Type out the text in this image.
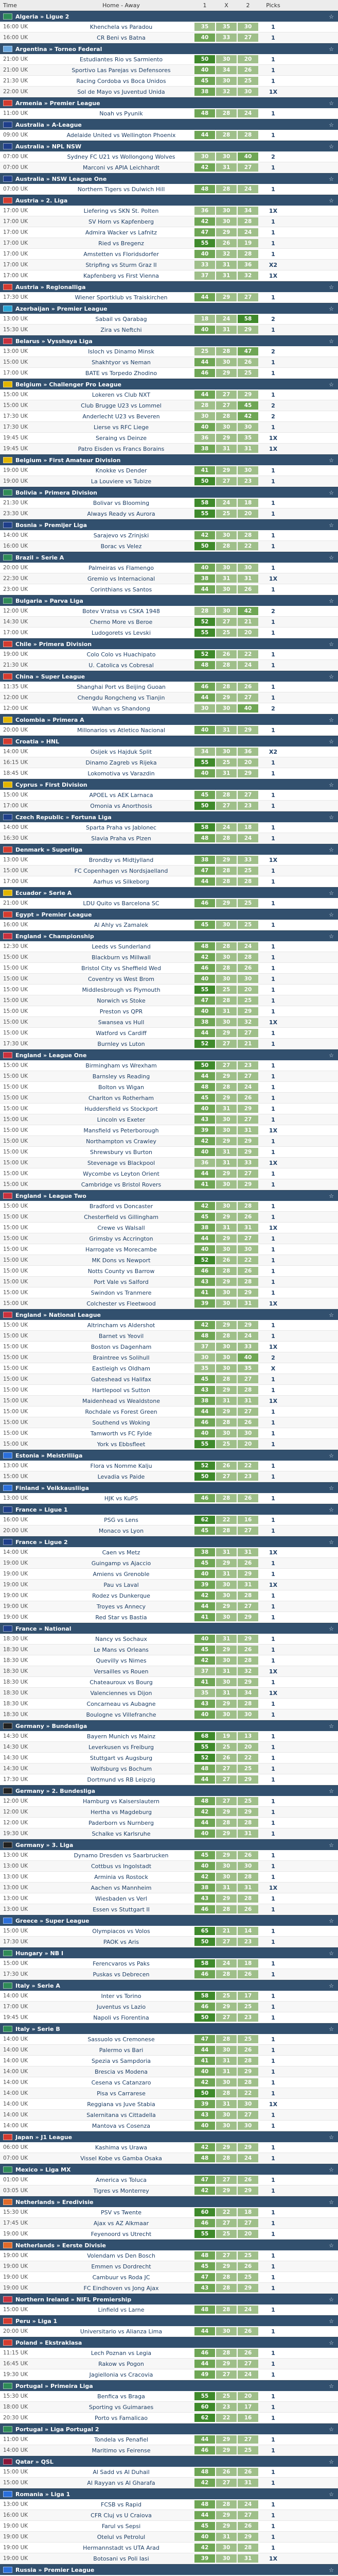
Time	Home - Away	1	X	2	Picks
Algeria » Ligue 2	☆
16:00 UK	Khenchela vs Paradou	35	35	30	1
16:00 UK	CR Beni vs Batna	40	33	27	1
Argentina » Torneo Federal	☆
21:00 UK	Estudiantes Rio vs Sarmiento	50	30	20	1
21:00 UK	Sportivo Las Parejas vs Defensores	40	34	26	1
21:30 UK	Racing Cordoba vs Boca Unidos	45	30	25	1
22:00 UK	Sol de Mayo vs Juventud Unida	38	32	30	1X
Armenia » Premier League	☆
11:00 UK	Noah vs Pyunik	48	28	24	1
Australia » A-League	☆
09:00 UK	Adelaide United vs Wellington Phoenix	44	28	28	1
Australia » NPL NSW	☆
07:00 UK	Sydney FC U21 vs Wollongong Wolves	30	30	40	2
07:00 UK	Marconi vs APIA Leichhardt	42	31	27	1
Australia » NSW League One	☆
07:00 UK	Northern Tigers vs Dulwich Hill	48	28	24	1
Austria » 2. Liga	☆
17:00 UK	Liefering vs SKN St. Polten	36	30	34	1X
17:00 UK	SV Horn vs Kapfenberg	42	30	28	1
17:00 UK	Admira Wacker vs Lafnitz	47	29	24	1
17:00 UK	Ried vs Bregenz	55	26	19	1
17:00 UK	Amstetten vs Floridsdorfer	40	32	28	1
17:00 UK	Stripfing vs Sturm Graz II	33	31	36	X2
17:00 UK	Kapfenberg vs First Vienna	37	31	32	1X
Austria » Regionalliga	☆
17:30 UK	Wiener Sportklub vs Traiskirchen	44	29	27	1
Azerbaijan » Premier League	☆
13:00 UK	Sabail vs Qarabag	18	24	58	2
15:30 UK	Zira vs Neftchi	40	31	29	1
Belarus » Vysshaya Liga	☆
13:00 UK	Isloch vs Dinamo Minsk	25	28	47	2
15:00 UK	Shakhtyor vs Neman	44	30	26	1
17:00 UK	BATE vs Torpedo Zhodino	46	29	25	1
Belgium » Challenger Pro League	☆
15:00 UK	Lokeren vs Club NXT	44	27	29	1
15:00 UK	Club Brugge U23 vs Lommel	28	27	45	2
17:30 UK	Anderlecht U23 vs Beveren	30	28	42	2
17:30 UK	Lierse vs RFC Liege	40	30	30	1
19:45 UK	Seraing vs Deinze	36	29	35	1X
19:45 UK	Patro Eisden vs Francs Borains	38	31	31	1X
Belgium » First Amateur Division	☆
19:00 UK	Knokke vs Dender	41	29	30	1
19:00 UK	La Louviere vs Tubize	50	27	23	1
Bolivia » Primera Division	☆
21:30 UK	Bolivar vs Blooming	58	24	18	1
23:30 UK	Always Ready vs Aurora	55	25	20	1
Bosnia » Premijer Liga	☆
14:00 UK	Sarajevo vs Zrinjski	42	30	28	1
16:00 UK	Borac vs Velez	50	28	22	1
Brazil » Serie A	☆
20:00 UK	Palmeiras vs Flamengo	40	30	30	1
22:30 UK	Gremio vs Internacional	38	31	31	1X
23:00 UK	Corinthians vs Santos	44	30	26	1
Bulgaria » Parva Liga	☆
12:00 UK	Botev Vratsa vs CSKA 1948	28	30	42	2
14:30 UK	Cherno More vs Beroe	52	27	21	1
17:00 UK	Ludogorets vs Levski	55	25	20	1
Chile » Primera Division	☆
19:00 UK	Colo Colo vs Huachipato	52	26	22	1
21:30 UK	U. Catolica vs Cobresal	48	28	24	1
China » Super League	☆
11:35 UK	Shanghai Port vs Beijing Guoan	46	28	26	1
12:00 UK	Chengdu Rongcheng vs Tianjin	44	29	27	1
12:00 UK	Wuhan vs Shandong	30	30	40	2
Colombia » Primera A	☆
20:00 UK	Millonarios vs Atletico Nacional	40	31	29	1
Croatia » HNL	☆
14:00 UK	Osijek vs Hajduk Split	34	30	36	X2
16:15 UK	Dinamo Zagreb vs Rijeka	55	25	20	1
18:45 UK	Lokomotiva vs Varazdin	40	31	29	1
Cyprus » First Division	☆
15:00 UK	APOEL vs AEK Larnaca	45	28	27	1
17:00 UK	Omonia vs Anorthosis	50	27	23	1
Czech Republic » Fortuna Liga	☆
14:00 UK	Sparta Praha vs Jablonec	58	24	18	1
16:30 UK	Slavia Praha vs Plzen	48	28	24	1
Denmark » Superliga	☆
13:00 UK	Brondby vs Midtjylland	38	29	33	1X
15:00 UK	FC Copenhagen vs Nordsjaelland	47	28	25	1
17:00 UK	Aarhus vs Silkeborg	44	28	28	1
Ecuador » Serie A	☆
21:00 UK	LDU Quito vs Barcelona SC	46	29	25	1
Egypt » Premier League	☆
16:00 UK	Al Ahly vs Zamalek	45	30	25	1
England » Championship	☆
12:30 UK	Leeds vs Sunderland	48	28	24	1
15:00 UK	Blackburn vs Millwall	42	30	28	1
15:00 UK	Bristol City vs Sheffield Wed	46	28	26	1
15:00 UK	Coventry vs West Brom	40	30	30	1
15:00 UK	Middlesbrough vs Plymouth	55	25	20	1
15:00 UK	Norwich vs Stoke	47	28	25	1
15:00 UK	Preston vs QPR	40	31	29	1
15:00 UK	Swansea vs Hull	38	30	32	1X
15:00 UK	Watford vs Cardiff	44	29	27	1
17:30 UK	Burnley vs Luton	52	27	21	1
England » League One	☆
15:00 UK	Birmingham vs Wrexham	50	27	23	1
15:00 UK	Barnsley vs Reading	44	29	27	1
15:00 UK	Bolton vs Wigan	48	28	24	1
15:00 UK	Charlton vs Rotherham	45	29	26	1
15:00 UK	Huddersfield vs Stockport	40	31	29	1
15:00 UK	Lincoln vs Exeter	43	30	27	1
15:00 UK	Mansfield vs Peterborough	39	30	31	1X
15:00 UK	Northampton vs Crawley	42	29	29	1
15:00 UK	Shrewsbury vs Burton	40	31	29	1
15:00 UK	Stevenage vs Blackpool	36	31	33	1X
15:00 UK	Wycombe vs Leyton Orient	44	29	27	1
15:00 UK	Cambridge vs Bristol Rovers	41	30	29	1
England » League Two	☆
15:00 UK	Bradford vs Doncaster	42	30	28	1
15:00 UK	Chesterfield vs Gillingham	45	29	26	1
15:00 UK	Crewe vs Walsall	38	31	31	1X
15:00 UK	Grimsby vs Accrington	44	29	27	1
15:00 UK	Harrogate vs Morecambe	40	30	30	1
15:00 UK	MK Dons vs Newport	52	26	22	1
15:00 UK	Notts County vs Barrow	46	28	26	1
15:00 UK	Port Vale vs Salford	43	29	28	1
15:00 UK	Swindon vs Tranmere	41	30	29	1
15:00 UK	Colchester vs Fleetwood	39	30	31	1X
England » National League	☆
15:00 UK	Altrincham vs Aldershot	42	29	29	1
15:00 UK	Barnet vs Yeovil	48	28	24	1
15:00 UK	Boston vs Dagenham	37	30	33	1X
15:00 UK	Braintree vs Solihull	30	30	40	2
15:00 UK	Eastleigh vs Oldham	35	30	35	X
15:00 UK	Gateshead vs Halifax	45	28	27	1
15:00 UK	Hartlepool vs Sutton	43	29	28	1
15:00 UK	Maidenhead vs Wealdstone	38	31	31	1X
15:00 UK	Rochdale vs Forest Green	44	29	27	1
15:00 UK	Southend vs Woking	46	28	26	1
15:00 UK	Tamworth vs FC Fylde	40	30	30	1
15:00 UK	York vs Ebbsfleet	55	25	20	1
Estonia » Meistriliiga	☆
13:00 UK	Flora vs Nomme Kalju	52	26	22	1
15:00 UK	Levadia vs Paide	50	27	23	1
Finland » Veikkausliiga	☆
13:00 UK	HJK vs KuPS	46	28	26	1
France » Ligue 1	☆
16:00 UK	PSG vs Lens	62	22	16	1
20:00 UK	Monaco vs Lyon	45	28	27	1
France » Ligue 2	☆
14:00 UK	Caen vs Metz	38	31	31	1X
19:00 UK	Guingamp vs Ajaccio	45	29	26	1
19:00 UK	Amiens vs Grenoble	40	31	29	1
19:00 UK	Pau vs Laval	39	30	31	1X
19:00 UK	Rodez vs Dunkerque	42	30	28	1
19:00 UK	Troyes vs Annecy	44	29	27	1
19:00 UK	Red Star vs Bastia	41	30	29	1
France » National	☆
18:30 UK	Nancy vs Sochaux	40	31	29	1
18:30 UK	Le Mans vs Orleans	45	29	26	1
18:30 UK	Quevilly vs Nimes	42	30	28	1
18:30 UK	Versailles vs Rouen	37	31	32	1X
18:30 UK	Chateauroux vs Bourg	41	30	29	1
18:30 UK	Valenciennes vs Dijon	35	31	34	1X
18:30 UK	Concarneau vs Aubagne	43	29	28	1
18:30 UK	Boulogne vs Villefranche	40	30	30	1
Germany » Bundesliga	☆
14:30 UK	Bayern Munich vs Mainz	68	19	13	1
14:30 UK	Leverkusen vs Freiburg	55	25	20	1
14:30 UK	Stuttgart vs Augsburg	52	26	22	1
14:30 UK	Wolfsburg vs Bochum	48	27	25	1
17:30 UK	Dortmund vs RB Leipzig	44	27	29	1
Germany » 2. Bundesliga	☆
12:00 UK	Hamburg vs Kaiserslautern	48	27	25	1
12:00 UK	Hertha vs Magdeburg	42	29	29	1
12:00 UK	Paderborn vs Nurnberg	44	28	28	1
19:30 UK	Schalke vs Karlsruhe	40	29	31	1
Germany » 3. Liga	☆
13:00 UK	Dynamo Dresden vs Saarbrucken	45	29	26	1
13:00 UK	Cottbus vs Ingolstadt	40	30	30	1
13:00 UK	Arminia vs Rostock	42	30	28	1
13:00 UK	Aachen vs Mannheim	38	31	31	1X
13:00 UK	Wiesbaden vs Verl	43	29	28	1
13:00 UK	Essen vs Stuttgart II	46	28	26	1
Greece » Super League	☆
15:00 UK	Olympiacos vs Volos	65	21	14	1
17:30 UK	PAOK vs Aris	50	27	23	1
Hungary » NB I	☆
15:00 UK	Ferencvaros vs Paks	58	24	18	1
17:30 UK	Puskas vs Debrecen	46	28	26	1
Italy » Serie A	☆
14:00 UK	Inter vs Torino	58	25	17	1
17:00 UK	Juventus vs Lazio	46	29	25	1
19:45 UK	Napoli vs Fiorentina	50	27	23	1
Italy » Serie B	☆
14:00 UK	Sassuolo vs Cremonese	47	28	25	1
14:00 UK	Palermo vs Bari	44	30	26	1
14:00 UK	Spezia vs Sampdoria	41	31	28	1
14:00 UK	Brescia vs Modena	40	31	29	1
14:00 UK	Cesena vs Catanzaro	42	30	28	1
14:00 UK	Pisa vs Carrarese	50	28	22	1
14:00 UK	Reggiana vs Juve Stabia	39	31	30	1X
14:00 UK	Salernitana vs Cittadella	43	30	27	1
14:00 UK	Mantova vs Cosenza	40	30	30	1
Japan » J1 League	☆
06:00 UK	Kashima vs Urawa	42	29	29	1
07:00 UK	Vissel Kobe vs Gamba Osaka	48	28	24	1
Mexico » Liga MX	☆
01:00 UK	America vs Toluca	47	27	26	1
03:05 UK	Tigres vs Monterrey	42	29	29	1
Netherlands » Eredivisie	☆
15:30 UK	PSV vs Twente	60	22	18	1
17:45 UK	Ajax vs AZ Alkmaar	46	27	27	1
19:00 UK	Feyenoord vs Utrecht	55	25	20	1
Netherlands » Eerste Divisie	☆
19:00 UK	Volendam vs Den Bosch	48	27	25	1
19:00 UK	Emmen vs Dordrecht	45	29	26	1
19:00 UK	Cambuur vs Roda JC	47	28	25	1
19:00 UK	FC Eindhoven vs Jong Ajax	43	28	29	1
Northern Ireland » NIFL Premiership	☆
15:00 UK	Linfield vs Larne	48	28	24	1
Peru » Liga 1	☆
20:00 UK	Universitario vs Alianza Lima	44	30	26	1
Poland » Ekstraklasa	☆
11:15 UK	Lech Poznan vs Legia	46	28	26	1
16:45 UK	Rakow vs Pogon	44	29	27	1
19:30 UK	Jagiellonia vs Cracovia	49	27	24	1
Portugal » Primeira Liga	☆
15:30 UK	Benfica vs Braga	55	25	20	1
18:00 UK	Sporting vs Guimaraes	60	23	17	1
20:30 UK	Porto vs Famalicao	62	22	16	1
Portugal » Liga Portugal 2	☆
11:00 UK	Tondela vs Penafiel	44	29	27	1
14:00 UK	Maritimo vs Feirense	46	29	25	1
Qatar » QSL	☆
15:00 UK	Al Sadd vs Al Duhail	48	26	26	1
15:00 UK	Al Rayyan vs Al Gharafa	42	27	31	1
Romania » Liga 1	☆
13:00 UK	FCSB vs Rapid	48	28	24	1
16:00 UK	CFR Cluj vs U Craiova	44	29	27	1
19:00 UK	Farul vs Sepsi	45	29	26	1
19:00 UK	Otelul vs Petrolul	40	31	29	1
19:00 UK	Hermannstadt vs UTA Arad	42	30	28	1
19:00 UK	Botosani vs Poli Iasi	39	30	31	1X
Russia » Premier League	☆
